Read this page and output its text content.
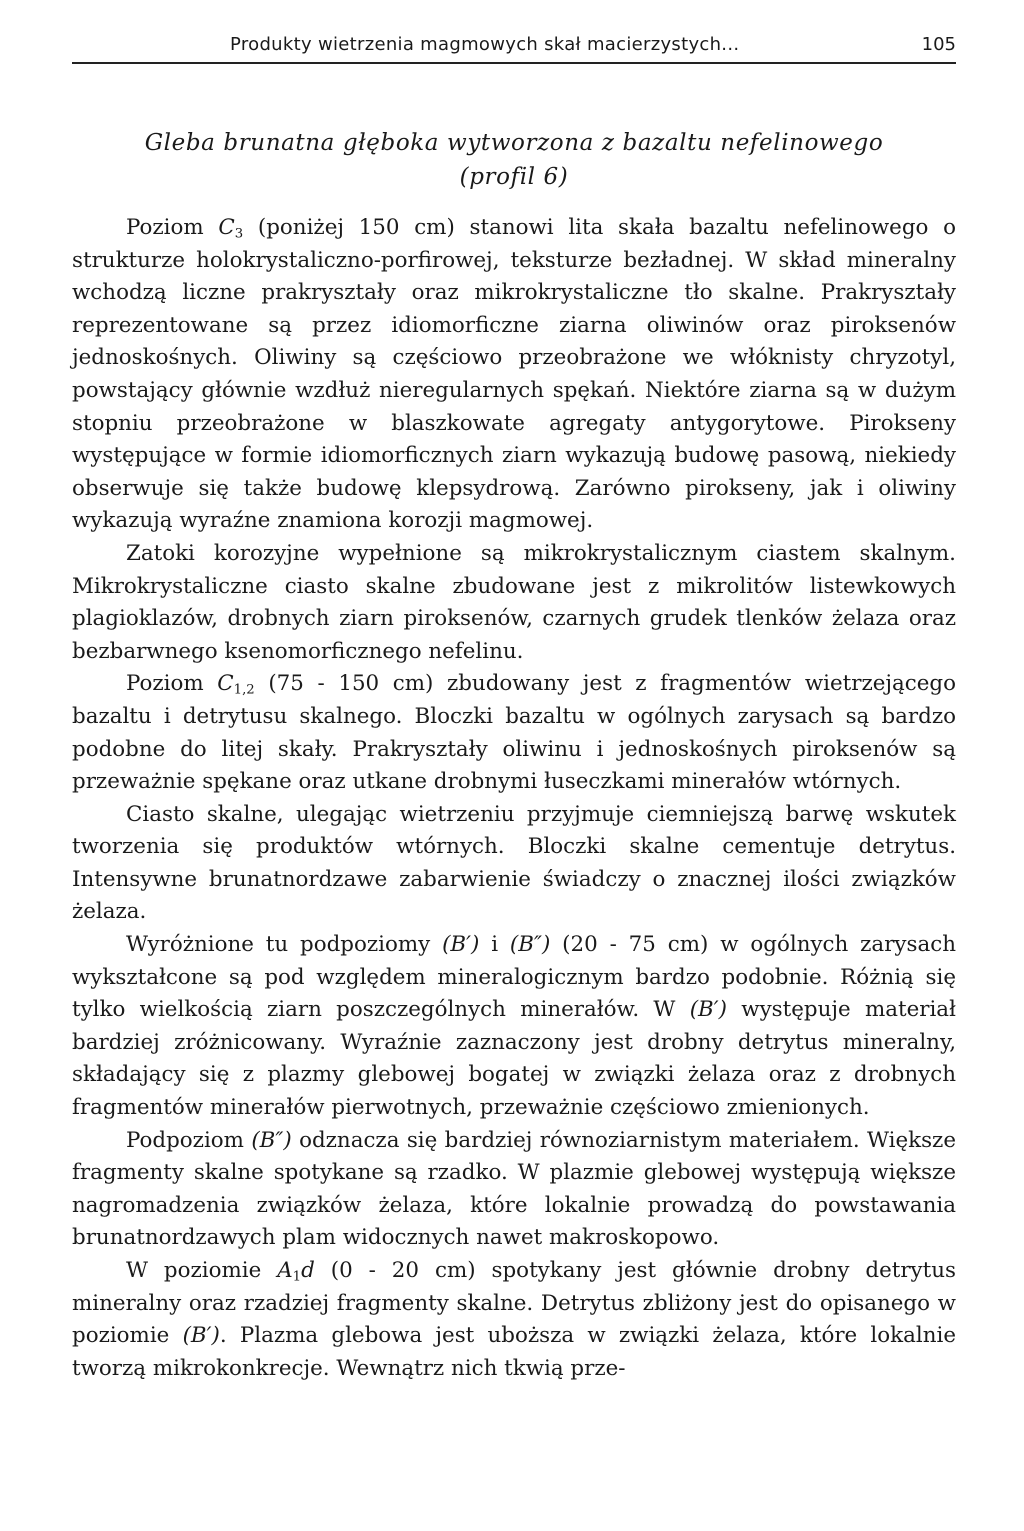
Produkty wietrzenia magmowych skał macierzystych...	105
Gleba brunatna głęboka wytworzona z bazaltu nefelinowego
(profil 6)

Poziom $C_3$ (poniżej 150 cm) stanowi lita skała bazaltu nefelinowego o strukturze holokrystaliczno-porfirowej, teksturze bezładnej. W skład mineralny wchodzą liczne prakryształy oraz mikrokrystaliczne tło skalne. Prakryształy reprezentowane są przez idiomorficzne ziarna oliwinów oraz piroksenów jednoskośnych. Oliwiny są częściowo przeobrażone we włóknisty chryzotyl, powstający głównie wzdłuż nieregularnych spękań. Niektóre ziarna są w dużym stopniu przeobrażone w blaszkowate agregaty antygorytowe. Pirokseny występujące w formie idiomorficznych ziarn wykazują budowę pasową, niekiedy obserwuje się także budowę klepsydrową. Zarówno pirokseny, jak i oliwiny wykazują wyraźne znamiona korozji magmowej.

Zatoki korozyjne wypełnione są mikrokrystalicznym ciastem skalnym. Mikrokrystaliczne ciasto skalne zbudowane jest z mikrolitów listewkowych plagioklazów, drobnych ziarn piroksenów, czarnych grudek tlenków żelaza oraz bezbarwnego ksenomorficznego nefelinu.

Poziom $C_{1,2}$ (75 - 150 cm) zbudowany jest z fragmentów wietrzejącego bazaltu i detrytusu skalnego. Bloczki bazaltu w ogólnych zarysach są bardzo podobne do litej skały. Prakryształy oliwinu i jednoskośnych piroksenów są przeważnie spękane oraz utkane drobnymi łuseczkami minerałów wtórnych.

Ciasto skalne, ulegając wietrzeniu przyjmuje ciemniejszą barwę wskutek tworzenia się produktów wtórnych. Bloczki skalne cementuje detrytus. Intensywne brunatnordzawe zabarwienie świadczy o znacznej ilości związków żelaza.

Wyróżnione tu podpoziomy (B′) i (B″) (20 - 75 cm) w ogólnych zarysach wykształcone są pod względem mineralogicznym bardzo podobnie. Różnią się tylko wielkością ziarn poszczególnych minerałów. W (B′) występuje materiał bardziej zróżnicowany. Wyraźnie zaznaczony jest drobny detrytus mineralny, składający się z plazmy glebowej bogatej w związki żelaza oraz z drobnych fragmentów minerałów pierwotnych, przeważnie częściowo zmienionych.

Podpoziom (B″) odznacza się bardziej równoziarnistym materiałem. Większe fragmenty skalne spotykane są rzadko. W plazmie glebowej występują większe nagromadzenia związków żelaza, które lokalnie prowadzą do powstawania brunatnordzawych plam widocznych nawet makroskopowo.

W poziomie $A_1d$ (0 - 20 cm) spotykany jest głównie drobny detrytus mineralny oraz rzadziej fragmenty skalne. Detrytus zbliżony jest do opisanego w poziomie (B′). Plazma glebowa jest uboższa w związki żelaza, które lokalnie tworzą mikrokonkrecje. Wewnątrz nich tkwią prze-
